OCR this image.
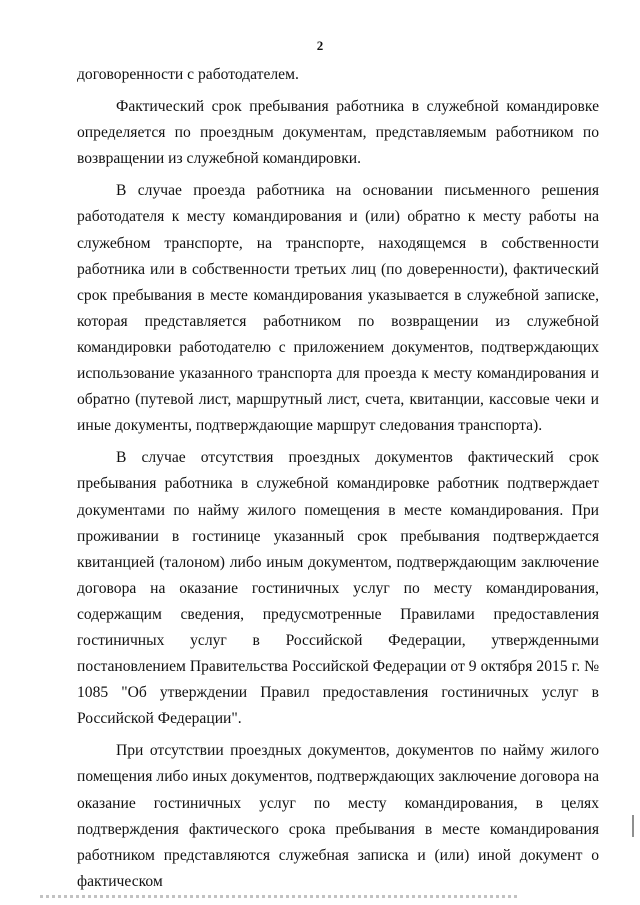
2

договоренности с работодателем.

Фактический срок пребывания работника в служебной командировке определяется по проездным документам, представляемым работником по возвращении из служебной командировки.

В случае проезда работника на основании письменного решения работодателя к месту командирования и (или) обратно к месту работы на служебном транспорте, на транспорте, находящемся в собственности работника или в собственности третьих лиц (по доверенности), фактический срок пребывания в месте командирования указывается в служебной записке, которая представляется работником по возвращении из служебной командировки работодателю с приложением документов, подтверждающих использование указанного транспорта для проезда к месту командирования и обратно (путевой лист, маршрутный лист, счета, квитанции, кассовые чеки и иные документы, подтверждающие маршрут следования транспорта).

В случае отсутствия проездных документов фактический срок пребывания работника в служебной командировке работник подтверждает документами по найму жилого помещения в месте командирования. При проживании в гостинице указанный срок пребывания подтверждается квитанцией (талоном) либо иным документом, подтверждающим заключение договора на оказание гостиничных услуг по месту командирования, содержащим сведения, предусмотренные Правилами предоставления гостиничных услуг в Российской Федерации, утвержденными постановлением Правительства Российской Федерации от 9 октября 2015 г. № 1085 "Об утверждении Правил предоставления гостиничных услуг в Российской Федерации".

При отсутствии проездных документов, документов по найму жилого помещения либо иных документов, подтверждающих заключение договора на оказание гостиничных услуг по месту командирования, в целях подтверждения фактического срока пребывания в месте командирования работником представляются служебная записка и (или) иной документ о фактическом
